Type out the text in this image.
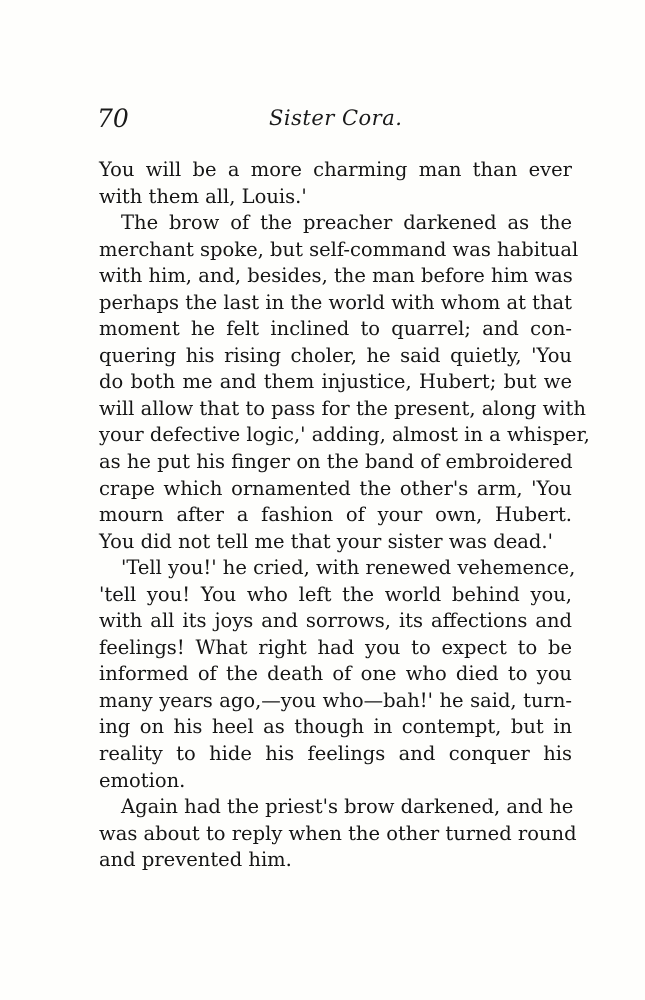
70	Sister Cora.

You will be a more charming man than ever

with them all, Louis.'

The brow of the preacher darkened as the

merchant spoke, but self-command was habitual

with him, and, besides, the man before him was

perhaps the last in the world with whom at that

moment he felt inclined to quarrel; and con-

quering his rising choler, he said quietly, 'You

do both me and them injustice, Hubert; but we

will allow that to pass for the present, along with

your defective logic,' adding, almost in a whisper,

as he put his finger on the band of embroidered

crape which ornamented the other's arm, 'You

mourn after a fashion of your own, Hubert.

You did not tell me that your sister was dead.'

'Tell you!' he cried, with renewed vehemence,

'tell you! You who left the world behind you,

with all its joys and sorrows, its affections and

feelings! What right had you to expect to be

informed of the death of one who died to you

many years ago,—you who—bah!' he said, turn-

ing on his heel as though in contempt, but in

reality to hide his feelings and conquer his

emotion.

Again had the priest's brow darkened, and he

was about to reply when the other turned round

and prevented him.
